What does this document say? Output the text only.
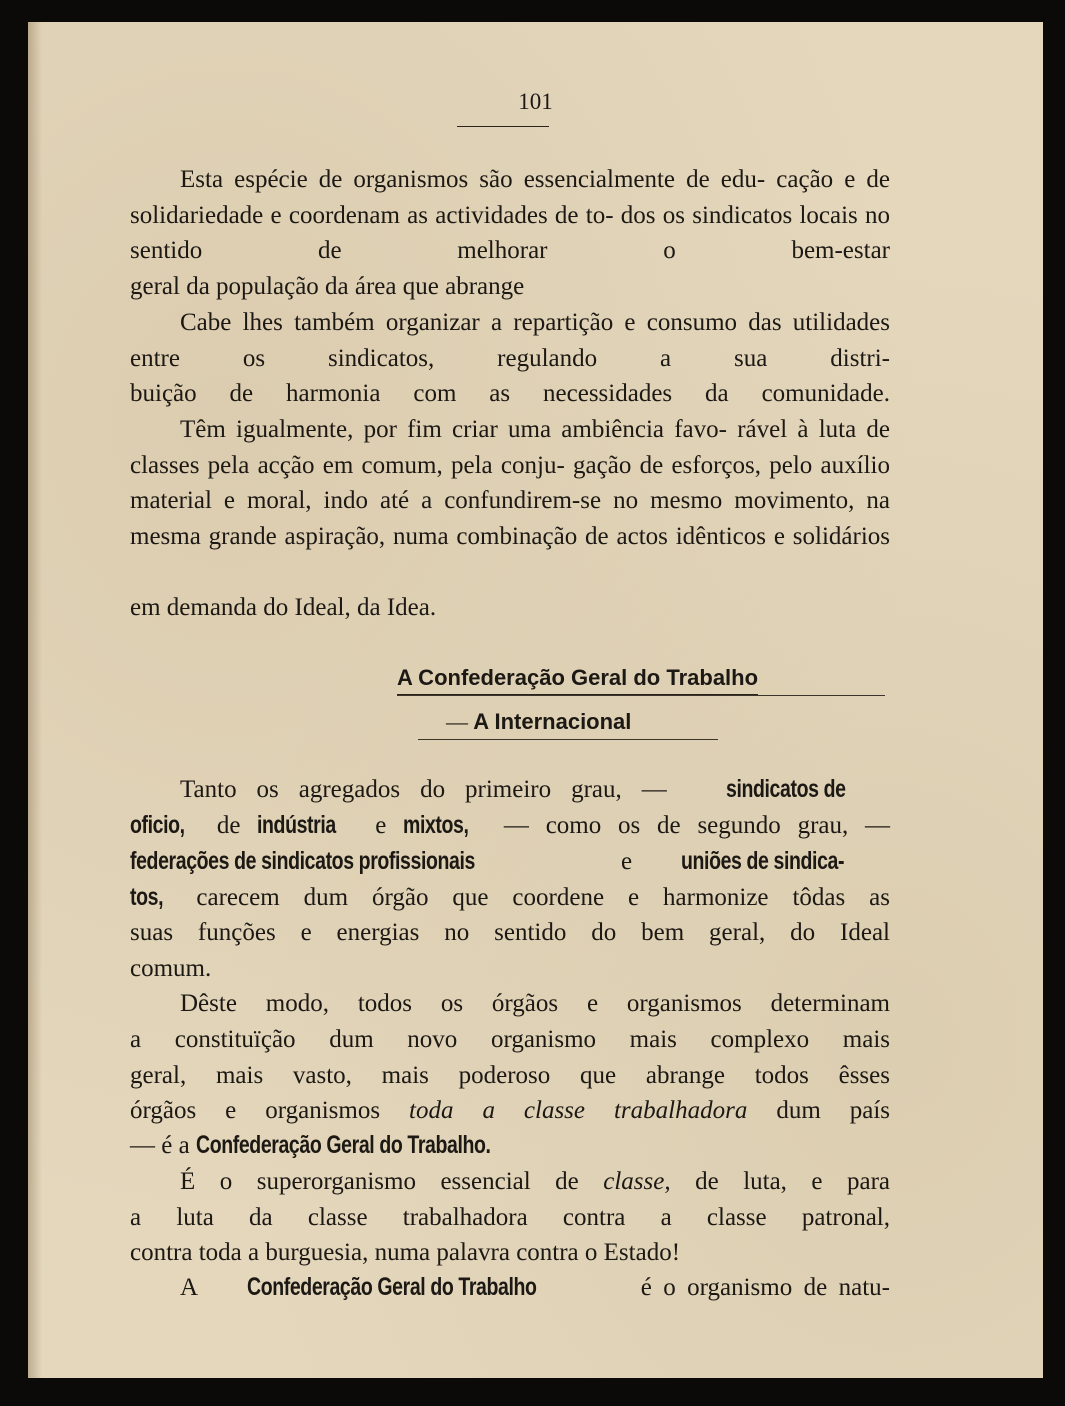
101
Esta espécie de organismos são essencialmente de edu- cação e de solidariedade e coordenam as actividades de to- dos os sindicatos locais no sentido de melhorar o bem-estar
geral da população da área que abrange
Cabe lhes também organizar a repartição e consumo das utilidades entre os sindicatos, regulando a sua distri-
buição de harmonia com as necessidades da comunidade.
Têm igualmente, por fim criar uma ambiência favo- rável à luta de classes pela acção em comum, pela conju- gação de esforços, pelo auxílio material e moral, indo até a confundirem-se no mesmo movimento, na mesma grande aspiração, numa combinação de actos idênticos e solidários
em demanda do Ideal, da Idea.
A Confederação Geral do Trabalho
— A Internacional
Tanto os agregados do primeiro grau, — sindicatos de
oficio, de indústria e mixtos, — como os de segundo grau, —
federações de sindicatos profissionais	e uniões de sindica-
tos, carecem dum órgão que coordene e harmonize tôdas as
suas funções e energias no sentido do bem geral, do Ideal
comum.
Dêste modo, todos os órgãos e organismos determinam
a constituïção dum novo organismo mais complexo mais
geral, mais vasto, mais poderoso que abrange todos êsses
órgãos e organismos toda a classe trabalhadora dum país
— é a Confederação Geral do Trabalho.
É o superorganismo essencial de classe, de luta, e para
a luta da classe trabalhadora contra a classe patronal,
contra toda a burguesia, numa palavra contra o Estado!
A Confederação Geral do Trabalho	é o organismo de natu-
